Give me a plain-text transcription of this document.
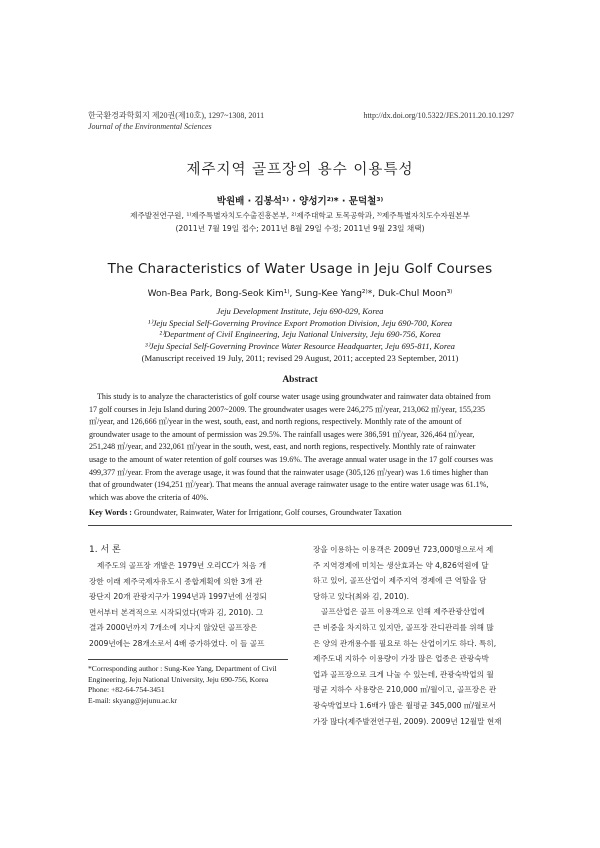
한국환경과학회지 제20권(제10호), 1297~1308, 2011
Journal of the Environmental Sciences
http://dx.doi.org/10.5322/JES.2011.20.10.1297
제주지역 골프장의 용수 이용특성
박원배 · 김봉석¹⁾ · 양성기²⁾* · 문덕철³⁾
제주발전연구원, ¹⁾제주특별자치도수출진흥본부, ²⁾제주대학교 토목공학과, ³⁾제주특별자치도수자원본부
(2011년 7월 19일 접수; 2011년 8월 29일 수정; 2011년 9월 23일 채택)
The Characteristics of Water Usage in Jeju Golf Courses
Won-Bea Park, Bong-Seok Kim¹⁾, Sung-Kee Yang²⁾*, Duk-Chul Moon³⁾
Jeju Development Institute, Jeju 690-029, Korea
¹⁾Jeju Special Self-Governing Province Export Promotion Division, Jeju 690-700, Korea
²⁾Department of Civil Engineering, Jeju National University, Jeju 690-756, Korea
³⁾Jeju Special Self-Governing Province Water Resource Headquarter, Jeju 695-811, Korea
(Manuscript received 19 July, 2011; revised 29 August, 2011; accepted 23 September, 2011)
Abstract
This study is to analyze the characteristics of golf course water usage using groundwater and rainwater data obtained from
17 golf courses in Jeju Island during 2007~2009. The groundwater usages were 246,275 ㎥/year, 213,062 ㎥/year, 155,235
㎥/year, and 126,666 ㎥/year in the west, south, east, and north regions, respectively. Monthly rate of the amount of
groundwater usage to the amount of permission was 29.5%. The rainfall usages were 386,591 ㎥/year, 326,464 ㎥/year,
251,248 ㎥/year, and 232,061 ㎥/year in the south, west, east, and north regions, respectively. Monthly rate of rainwater
usage to the amount of water retention of golf courses was 19.6%. The average annual water usage in the 17 golf courses was
499,377 ㎥/year. From the average usage, it was found that the rainwater usage (305,126 ㎥/year) was 1.6 times higher than
that of groundwater (194,251 ㎥/year). That means the annual average rainwater usage to the entire water usage was 61.1%,
which was above the criteria of 40%.
Key Words : Groundwater, Rainwater, Water for Irrigationr, Golf courses, Groundwater Taxation
1. 서 론
제주도의 골프장 개발은 1979년 오리CC가 처음 개
장한 이래 제주국제자유도시 종합계획에 의한 3개 관
광단지 20개 관광지구가 1994년과 1997년에 선정되
면서부터 본격적으로 시작되었다(박과 김, 2010). 그
결과 2000년까지 7개소에 지나지 않았던 골프장은
2009년에는 28개소로서 4배 증가하였다. 이 들 골프
*Corresponding author : Sung-Kee Yang, Department of Civil
Engineering, Jeju National University, Jeju 690-756, Korea
Phone: +82-64-754-3451
E-mail: skyang@jejunu.ac.kr
장을 이용하는 이용객은 2009년 723,000명으로서 제
주 지역경제에 미치는 생산효과는 약 4,826억원에 달
하고 있어, 골프산업이 제주지역 경제에 큰 역할을 담
당하고 있다(최와 김, 2010).
골프산업은 골프 이용객으로 인해 제주관광산업에
큰 비중을 차지하고 있지만, 골프장 잔디관리를 위해 많
은 양의 관개용수를 필요로 하는 산업이기도 하다. 특히,
제주도내 지하수 이용량이 가장 많은 업종은 관광숙박
업과 골프장으로 크게 나눌 수 있는데, 관광숙박업의 월
평균 지하수 사용량은 210,000 ㎥/월이고, 골프장은 관
광숙박업보다 1.6배가 많은 월평균 345,000 ㎥/월로서
가장 많다(제주발전연구원, 2009). 2009년 12월말 현재
